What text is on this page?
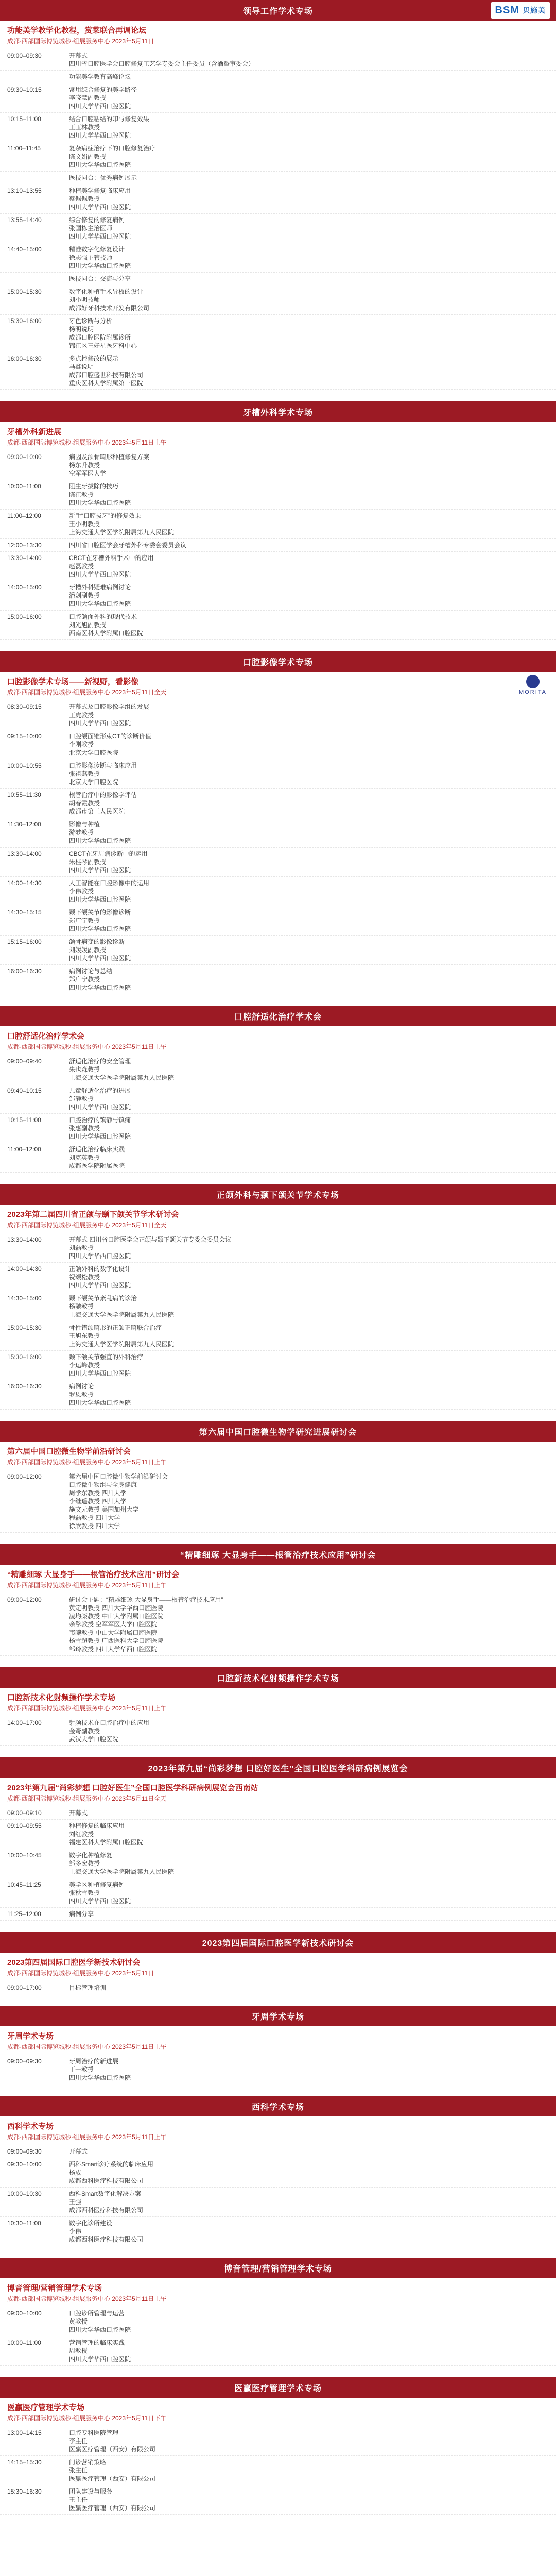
领导工作学术专场	BSM 贝施美
功能美学教学化教程，赏菜联合再调论坛
成都·西部国际博览城秒·组展服务中心 2023年5月11日
09:00–09:30	开幕式
四川省口腔医学会口腔修复工艺学专委会主任委员（含酒暨审委会）
功能美学教育高峰论坛
09:30–10:15	常用综合修复的美学路径
李晓慧副教授
四川大学华西口腔医院
10:15–11:00	结合口腔粘结的印与修复效果
王玉林教授
四川大学华西口腔医院
11:00–11:45	复杂病症治疗下的口腔修复治疗
陈文娟副教授
四川大学华西口腔医院
医技同台：优秀病例展示
13:10–13:55	种植美学修复临床应用
蔡佩佩教授
四川大学华西口腔医院
13:55–14:40	综合修复的修复病例
张国栋主治医师
四川大学华西口腔医院
14:40–15:00	精准数字化修复设计
徐志强主管技师
四川大学华西口腔医院
医技同台：交流与分享
15:00–15:30	数字化种植手术导板的设计
刘小明技师
成都好牙科技术开发有限公司
15:30–16:00	牙色诊断与分析
杨明说明
成都口腔医院附属诊所
锦江区三好星医牙科中心
16:00–16:30	多点控修改的展示
马鑫说明
成都口腔盛世科技有限公司
重庆医科大学附属第一医院
牙槽外科学术专场
牙槽外科新进展
成都·西部国际博览城秒·组展服务中心 2023年5月11日上午
09:00–10:00	病因及颌骨畸形种植修复方案
杨东升教授
空军军医大学
10:00–11:00	阻生牙拔除的技巧
陈江教授
四川大学华西口腔医院
11:00–12:00	新手“口腔拔牙”的修复效果
王小明教授
上海交通大学医学院附属第九人民医院
12:00–13:30	四川省口腔医学会牙槽外科专委会委员会议
13:30–14:00	CBCT在牙槽外科手术中的应用
赵磊教授
四川大学华西口腔医院
14:00–15:00	牙槽外科疑难病例讨论
潘剑副教授
四川大学华西口腔医院
15:00–16:00	口腔颌面外科的现代技术
刘光旭副教授
西南医科大学附属口腔医院
口腔影像学术专场
MORITA
口腔影像学术专场——新视野，看影像
成都·西部国际博览城秒·组展服务中心 2023年5月11日全天
08:30–09:15	开幕式及口腔影像学组的发展
王虎教授
四川大学华西口腔医院
09:15–10:00	口腔颌面锥形束CT的诊断价值
李刚教授
北京大学口腔医院
10:00–10:55	口腔影像诊断与临床应用
张祖燕教授
北京大学口腔医院
10:55–11:30	根管治疗中的影像学评估
胡春霞教授
成都市第三人民医院
11:30–12:00	影像与种植
游梦教授
四川大学华西口腔医院
13:30–14:00	CBCT在牙周病诊断中的运用
朱桂琴副教授
四川大学华西口腔医院
14:00–14:30	人工智能在口腔影像中的运用
李伟教授
四川大学华西口腔医院
14:30–15:15	颞下颌关节的影像诊断
郑广宁教授
四川大学华西口腔医院
15:15–16:00	颌骨病变的影像诊断
刘媛媛副教授
四川大学华西口腔医院
16:00–16:30	病例讨论与总结
郑广宁教授
四川大学华西口腔医院
口腔舒适化治疗学术会
口腔舒适化治疗学术会
成都·西部国际博览城秒·组展服务中心 2023年5月11日上午
09:00–09:40	舒适化治疗的安全管理
朱也森教授
上海交通大学医学院附属第九人民医院
09:40–10:15	儿童舒适化治疗的进展
邹静教授
四川大学华西口腔医院
10:15–11:00	口腔治疗的镇静与镇痛
张惠副教授
四川大学华西口腔医院
11:00–12:00	舒适化治疗临床实践
刘克英教授
成都医学院附属医院
正颌外科与颞下颌关节学术专场
2023年第二届四川省正颌与颞下颌关节学术研讨会
成都·西部国际博览城秒·组展服务中心 2023年5月11日全天
13:30–14:00	开幕式 四川省口腔医学会正颌与颞下颌关节专委会委员会议
刘磊教授
四川大学华西口腔医院
14:00–14:30	正颌外科的数字化设计
祝颂松教授
四川大学华西口腔医院
14:30–15:00	颞下颌关节紊乱病的诊治
杨驰教授
上海交通大学医学院附属第九人民医院
15:00–15:30	骨性错颌畸形的正颌正畸联合治疗
王旭东教授
上海交通大学医学院附属第九人民医院
15:30–16:00	颞下颌关节强直的外科治疗
李运峰教授
四川大学华西口腔医院
16:00–16:30	病例讨论
罗恩教授
四川大学华西口腔医院
第六届中国口腔微生物学研究进展研讨会
第六届中国口腔微生物学前沿研讨会
成都·西部国际博览城秒·组展服务中心 2023年5月11日上午
09:00–12:00	第六届中国口腔微生物学前沿研讨会
口腔微生物组与全身健康
周学东教授 四川大学
李继遥教授 四川大学
施文元教授 美国加州大学
程磊教授 四川大学
徐欣教授 四川大学
“精雕细琢 大显身手——根管治疗技术应用”研讨会
“精雕细琢 大显身手——根管治疗技术应用”研讨会
成都·西部国际博览城秒·组展服务中心 2023年5月11日上午
09:00–12:00	研讨会主题：“精雕细琢 大显身手——根管治疗技术应用”
黄定明教授 四川大学华西口腔医院
凌均棨教授 中山大学附属口腔医院
余擎教授 空军军医大学口腔医院
韦曦教授 中山大学附属口腔医院
杨雪超教授 广西医科大学口腔医院
邹玲教授 四川大学华西口腔医院
口腔新技术化射频操作学术专场
口腔新技术化射频操作学术专场
成都·西部国际博览城秒·组展服务中心 2023年5月11日上午
14:00–17:00	射频技术在口腔治疗中的应用
金奇副教授
武汉大学口腔医院
2023年第九届“尚彩梦想 口腔好医生”全国口腔医学科研病例展览会
2023年第九届“尚彩梦想 口腔好医生”全国口腔医学科研病例展览会西南站
成都·西部国际博览城秒·组展服务中心 2023年5月11日全天
09:00–09:10	开幕式
09:10–09:55	种植修复的临床应用
刘红教授
福建医科大学附属口腔医院
10:00–10:45	数字化种植修复
邹多宏教授
上海交通大学医学院附属第九人民医院
10:45–11:25	美学区种植修复病例
张秋雪教授
四川大学华西口腔医院
11:25–12:00	病例分享
2023第四届国际口腔医学新技术研讨会
2023第四届国际口腔医学新技术研讨会
成都·西部国际博览城秒·组展服务中心 2023年5月11日
09:00–17:00	目标管理培训
牙周学术专场
牙周学术专场
成都·西部国际博览城秒·组展服务中心 2023年5月11日上午
09:00–09:30	牙周治疗的新进展
丁一教授
四川大学华西口腔医院
西科学术专场
西科学术专场
成都·西部国际博览城秒·组展服务中心 2023年5月11日上午
09:00–09:30	开幕式
09:30–10:00	西科Smart诊疗系统的临床应用
杨成
成都西科医疗科技有限公司
10:00–10:30	西科Smart数字化解决方案
王强
成都西科医疗科技有限公司
10:30–11:00	数字化诊所建设
李伟
成都西科医疗科技有限公司
博音管理/营销管理学术专场
博音管理/营销管理学术专场
成都·西部国际博览城秒·组展服务中心 2023年5月11日上午
09:00–10:00	口腔诊所管理与运营
黄教授
四川大学华西口腔医院
10:00–11:00	营销管理的临床实践
周教授
四川大学华西口腔医院
医贏医疗管理学术专场
医贏医疗管理学术专场
成都·西部国际博览城秒·组展服务中心 2023年5月11日下午
13:00–14:15	口腔专科医院管理
李主任
医贏医疗管理（西安）有限公司
14:15–15:30	门诊营销策略
张主任
医贏医疗管理（西安）有限公司
15:30–16:30	团队建设与服务
王主任
医贏医疗管理（西安）有限公司
